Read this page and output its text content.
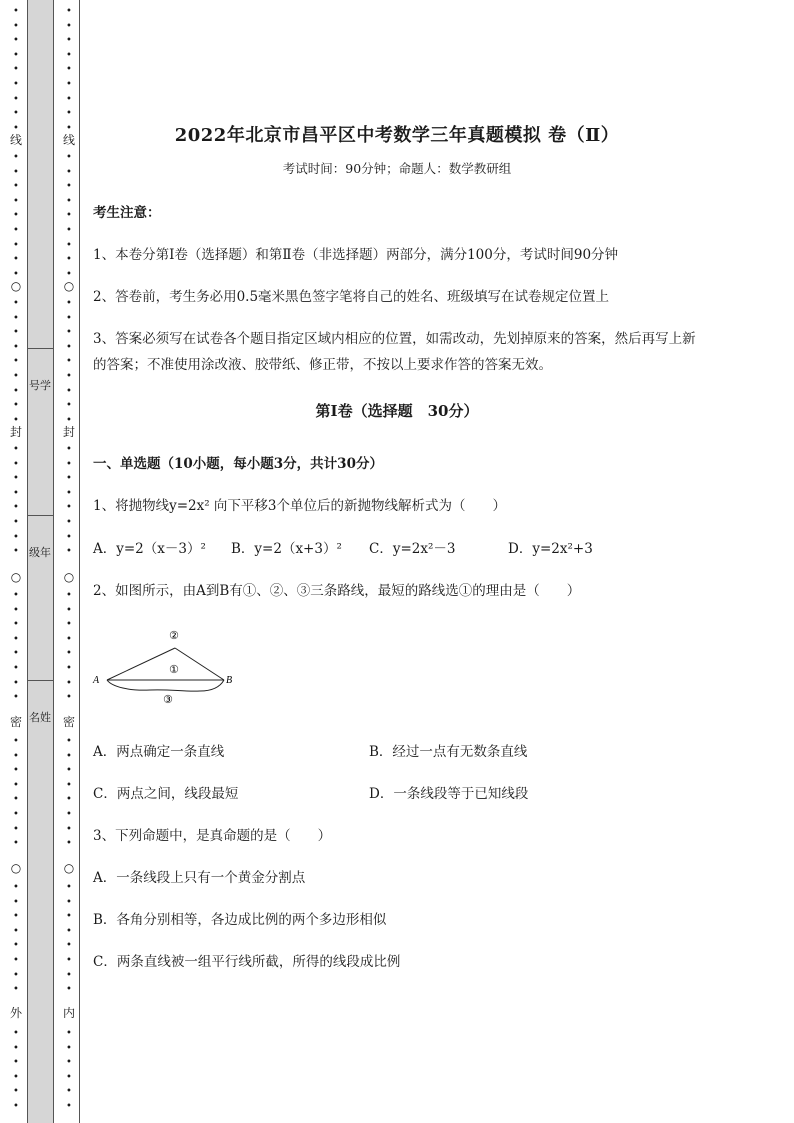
•
•
•
•
•
•
•
•
•
•
•
•
•
•
•
•
•
•
•
•
•
•
•
•
•
•
•
•
•
•
•
•
•
•
•
•
•
•
•
•
•
•
•
•
•
•
•
•
•
•
•
•
•
•
•
•
•
•
•
•
•
•
•
•
•
线
○
封
○
密
○
外
•
•
•
•
•
•
•
•
•
•
•
•
•
•
•
•
•
•
•
•
•
•
•
•
•
•
•
•
•
•
•
•
•
•
•
•
•
•
•
•
•
•
•
•
•
•
•
•
•
•
•
•
•
•
•
•
•
•
•
•
•
•
•
•
•
线
○
封
○
密
○
内
号学
级年
名姓
2022年北京市昌平区中考数学三年真题模拟 卷（Ⅱ）
考试时间：90分钟；命题人：数学教研组
考生注意：
1、本卷分第Ⅰ卷（选择题）和第Ⅱ卷（非选择题）两部分，满分100分，考试时间90分钟
2、答卷前，考生务必用0.5毫米黑色签字笔将自己的姓名、班级填写在试卷规定位置上
3、答案必须写在试卷各个题目指定区域内相应的位置，如需改动，先划掉原来的答案，然后再写上新
的答案；不准使用涂改液、胶带纸、修正带，不按以上要求作答的答案无效。
第Ⅰ卷（选择题　30分）
一、单选题（10小题，每小题3分，共计30分）
1、将抛物线y=2x² 向下平移3个单位后的新抛物线解析式为（　　）
A．y=2（x－3）² B．y=2（x+3）² C．y=2x²－3	D．y=2x²+3
2、如图所示，由A到B有①、②、③三条路线，最短的路线选①的理由是（　　）
A	B
①
②
③
A．两点确定一条直线	B．经过一点有无数条直线
C．两点之间，线段最短	D．一条线段等于已知线段
3、下列命题中，是真命题的是（　　）
A．一条线段上只有一个黄金分割点
B．各角分别相等，各边成比例的两个多边形相似
C．两条直线被一组平行线所截，所得的线段成比例
